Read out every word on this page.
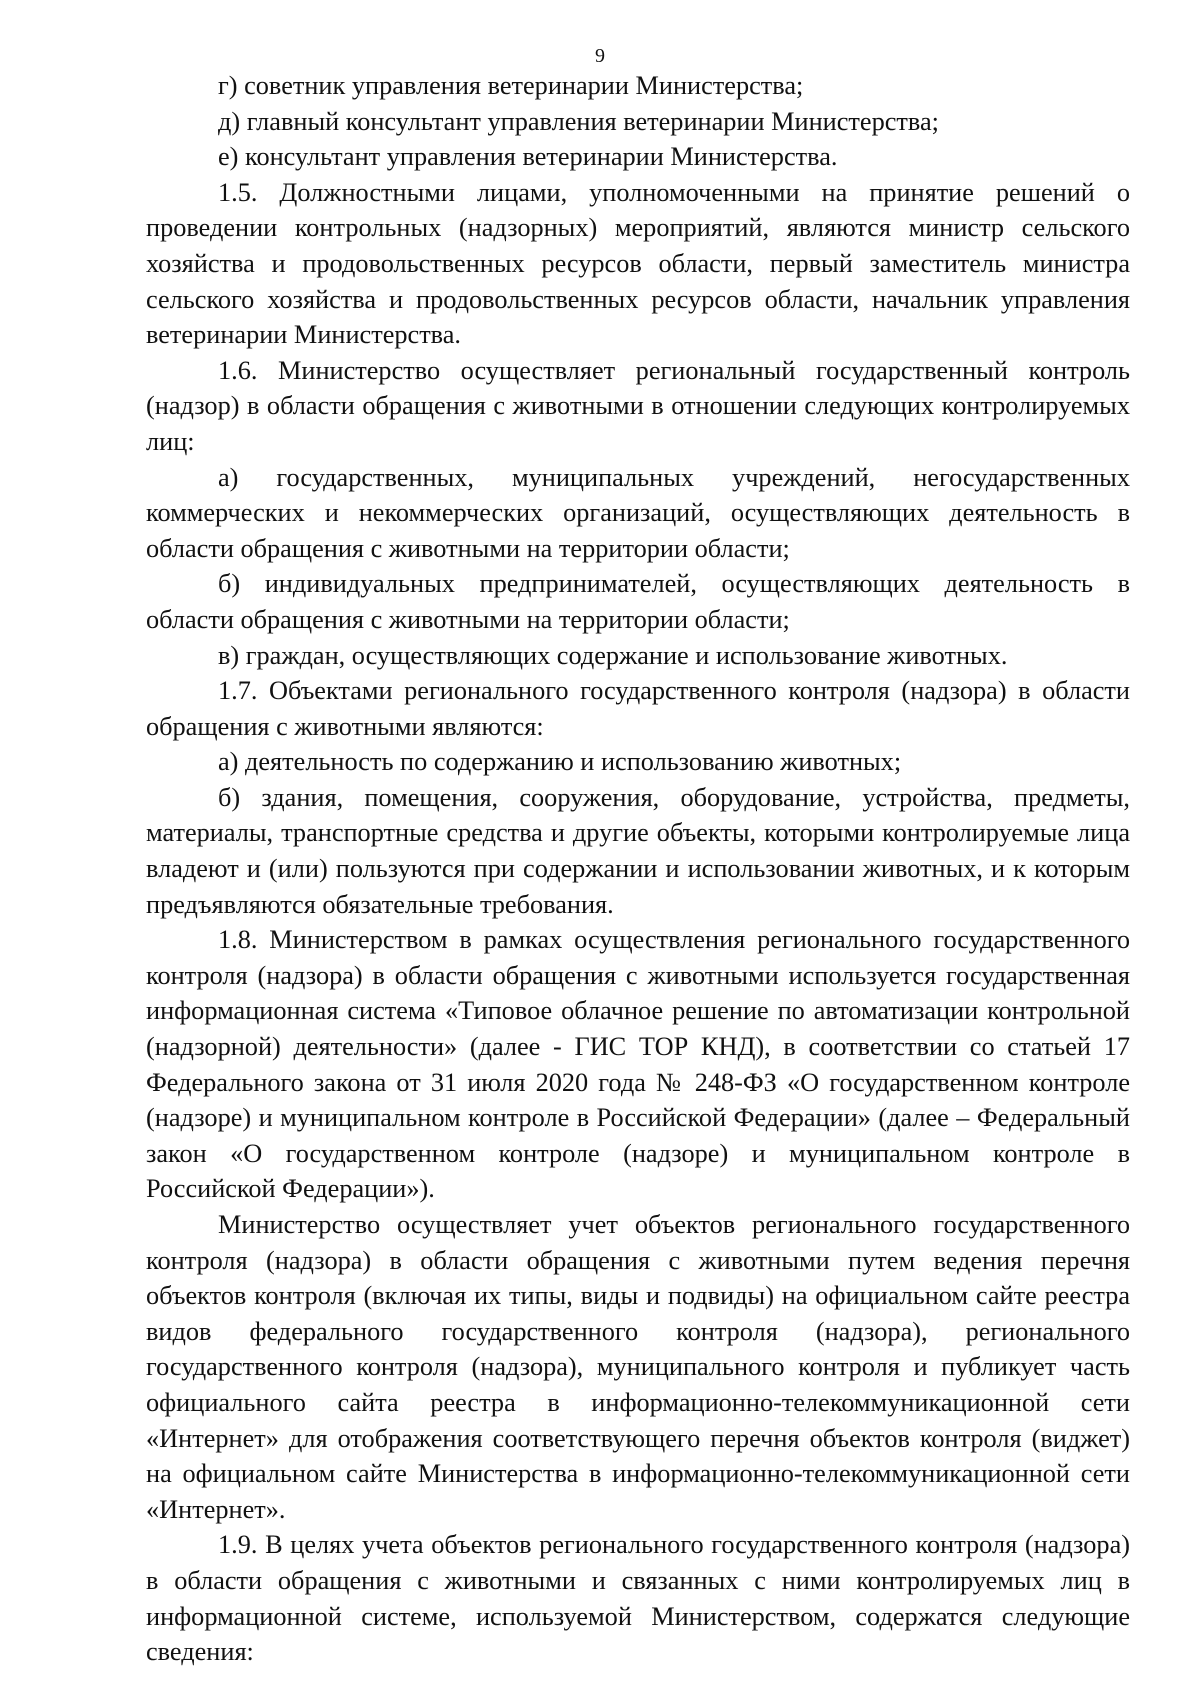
9

г) советник управления ветеринарии Министерства;

д) главный консультант управления ветеринарии Министерства;

е) консультант управления ветеринарии Министерства.

1.5. Должностными лицами, уполномоченными на принятие решений о проведении контрольных (надзорных) мероприятий, являются министр сельского хозяйства и продовольственных ресурсов области, первый заместитель министра сельского хозяйства и продовольственных ресурсов области, начальник управления ветеринарии Министерства.

1.6. Министерство осуществляет региональный государственный контроль (надзор) в области обращения с животными в отношении следующих контролируемых лиц:

а) государственных, муниципальных учреждений, негосударственных коммерческих и некоммерческих организаций, осуществляющих деятельность в области обращения с животными на территории области;

б) индивидуальных предпринимателей, осуществляющих деятельность в области обращения с животными на территории области;

в) граждан, осуществляющих содержание и использование животных.

1.7. Объектами регионального государственного контроля (надзора) в области обращения с животными являются:

а) деятельность по содержанию и использованию животных;

б) здания, помещения, сооружения, оборудование, устройства, предметы, материалы, транспортные средства и другие объекты, которыми контролируемые лица владеют и (или) пользуются при содержании и использовании животных, и к которым предъявляются обязательные требования.

1.8. Министерством в рамках осуществления регионального государственного контроля (надзора) в области обращения с животными используется государственная информационная система «Типовое облачное решение по автоматизации контрольной (надзорной) деятельности» (далее - ГИС ТОР КНД), в соответствии со статьей 17 Федерального закона от 31 июля 2020 года № 248-ФЗ «О государственном контроле (надзоре) и муниципальном контроле в Российской Федерации» (далее – Федеральный закон «О государственном контроле (надзоре) и муниципальном контроле в Российской Федерации»).

Министерство осуществляет учет объектов регионального государственного контроля (надзора) в области обращения с животными путем ведения перечня объектов контроля (включая их типы, виды и подвиды) на официальном сайте реестра видов федерального государственного контроля (надзора), регионального государственного контроля (надзора), муниципального контроля и публикует часть официального сайта реестра в информационно-телекоммуникационной сети «Интернет» для отображения соответствующего перечня объектов контроля (виджет) на официальном сайте Министерства в информационно-телекоммуникационной сети «Интернет».

1.9. В целях учета объектов регионального государственного контроля (надзора) в области обращения с животными и связанных с ними контролируемых лиц в информационной системе, используемой Министерством, содержатся следующие сведения:
